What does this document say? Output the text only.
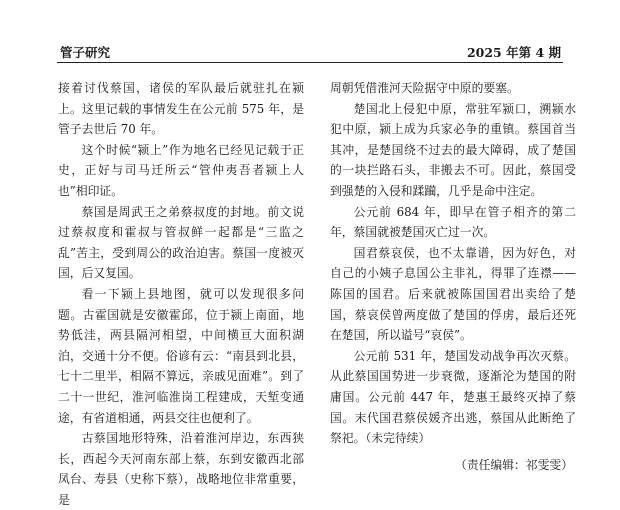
管子研究	2025 年第 4 期

接着讨伐蔡国，诸侯的军队最后就驻扎在颍上。这里记载的事情发生在公元前 575 年，是管子去世后 70 年。

这个时候“颍上”作为地名已经见记载于正史，正好与司马迁所云“管仲夷吾者颍上人也”相印证。

蔡国是周武王之弟蔡叔度的封地。前文说过蔡叔度和霍叔与管叔鲜一起都是“三监之乱”苦主，受到周公的政治迫害。蔡国一度被灭国，后又复国。

看一下颍上县地图，就可以发现很多问题。古霍国就是安徽霍邱，位于颍上南面，地势低洼，两县隔河相望，中间横亘大面积湖泊，交通十分不便。俗谚有云：“南县到北县，七十二里半，相隔不算远，亲戚见面难”。到了二十一世纪，淮河临淮岗工程建成，天堑变通途，有省道相通，两县交往也便利了。

古蔡国地形特殊，沿着淮河岸边，东西狭长，西起今天河南东部上蔡，东到安徽西北部凤台、寿县（史称下蔡），战略地位非常重要，是

周朝凭借淮河天险据守中原的要塞。

楚国北上侵犯中原，常驻军颍口，溯颍水犯中原，颍上成为兵家必争的重镇。蔡国首当其冲，是楚国绕不过去的最大障碍，成了楚国的一块拦路石头，非搬去不可。因此，蔡国受到强楚的入侵和蹂躏，几乎是命中注定。

公元前 684 年，即早在管子相齐的第二年，蔡国就被楚国灭亡过一次。

国君蔡哀侯，也不太靠谱，因为好色，对自己的小姨子息国公主非礼，得罪了连襟——陈国的国君。后来就被陈国国君出卖给了楚国，蔡哀侯曾两度做了楚国的俘虏，最后还死在楚国，所以谥号“哀侯”。

公元前 531 年，楚国发动战争再次灭蔡。从此蔡国国势进一步衰微，逐渐沦为楚国的附庸国。公元前 447 年，楚惠王最终灭掉了蔡国。末代国君蔡侯媛齐出逃，蔡国从此断绝了祭祀。（未完待续）

（责任编辑：祁雯雯）
